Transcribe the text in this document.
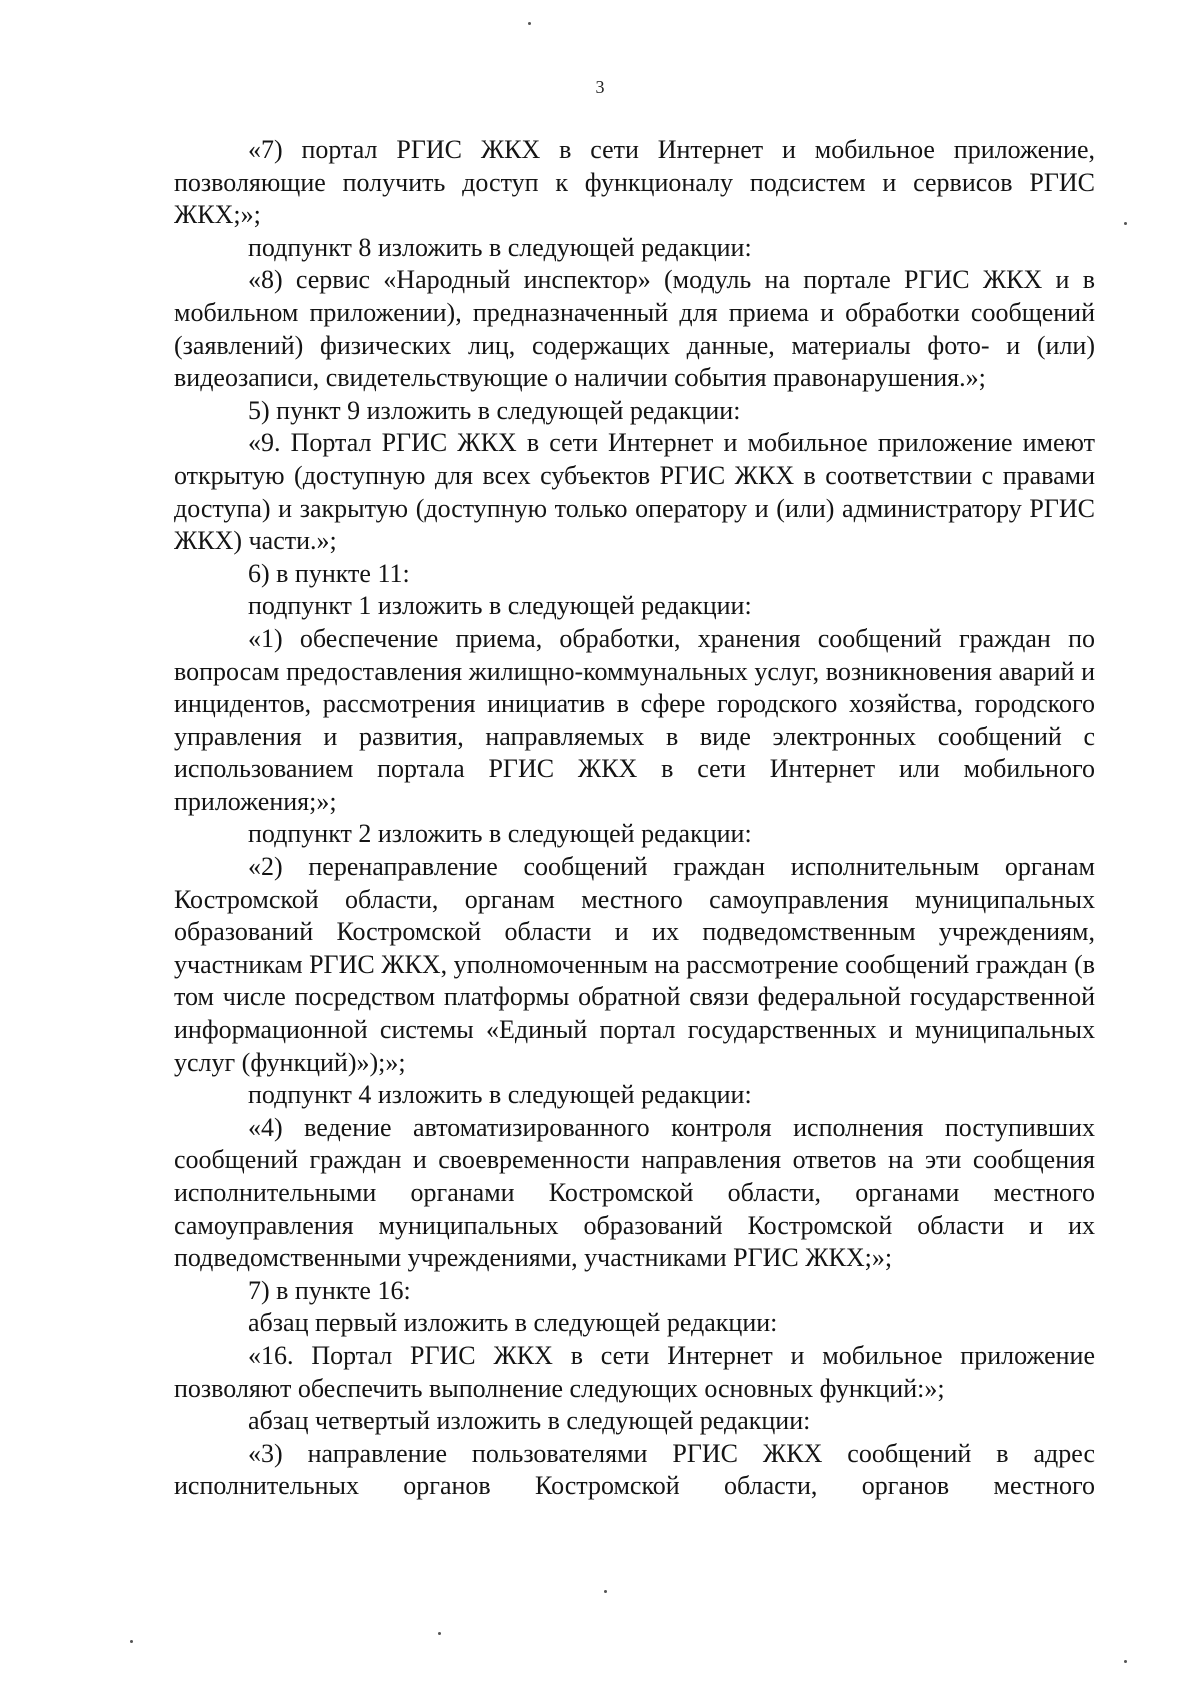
3

«7) портал РГИС ЖКХ в сети Интернет и мобильное приложение, позволяющие получить доступ к функционалу подсистем и сервисов РГИС ЖКХ;»;

подпункт 8 изложить в следующей редакции:

«8) сервис «Народный инспектор» (модуль на портале РГИС ЖКХ и в мобильном приложении), предназначенный для приема и обработки сообщений (заявлений) физических лиц, содержащих данные, материалы фото- и (или) видеозаписи, свидетельствующие о наличии события правонарушения.»;

5) пункт 9 изложить в следующей редакции:

«9. Портал РГИС ЖКХ в сети Интернет и мобильное приложение имеют открытую (доступную для всех субъектов РГИС ЖКХ в соответствии с правами доступа) и закрытую (доступную только оператору и (или) администратору РГИС ЖКХ) части.»;

6) в пункте 11:

подпункт 1 изложить в следующей редакции:

«1) обеспечение приема, обработки, хранения сообщений граждан по вопросам предоставления жилищно-коммунальных услуг, возникновения аварий и инцидентов, рассмотрения инициатив в сфере городского хозяйства, городского управления и развития, направляемых в виде электронных сообщений с использованием портала РГИС ЖКХ в сети Интернет или мобильного приложения;»;

подпункт 2 изложить в следующей редакции:

«2) перенаправление сообщений граждан исполнительным органам Костромской области, органам местного самоуправления муниципальных образований Костромской области и их подведомственным учреждениям, участникам РГИС ЖКХ, уполномоченным на рассмотрение сообщений граждан (в том числе посредством платформы обратной связи федеральной государственной информационной системы «Единый портал государственных и муниципальных услуг (функций)»);»;

подпункт 4 изложить в следующей редакции:

«4) ведение автоматизированного контроля исполнения поступивших сообщений граждан и своевременности направления ответов на эти сообщения исполнительными органами Костромской области, органами местного самоуправления муниципальных образований Костромской области и их подведомственными учреждениями, участниками РГИС ЖКХ;»;

7) в пункте 16:

абзац первый изложить в следующей редакции:

«16. Портал РГИС ЖКХ в сети Интернет и мобильное приложение позволяют обеспечить выполнение следующих основных функций:»;

абзац четвертый изложить в следующей редакции:

«3) направление пользователями РГИС ЖКХ сообщений в адрес исполнительных органов Костромской области, органов местного
